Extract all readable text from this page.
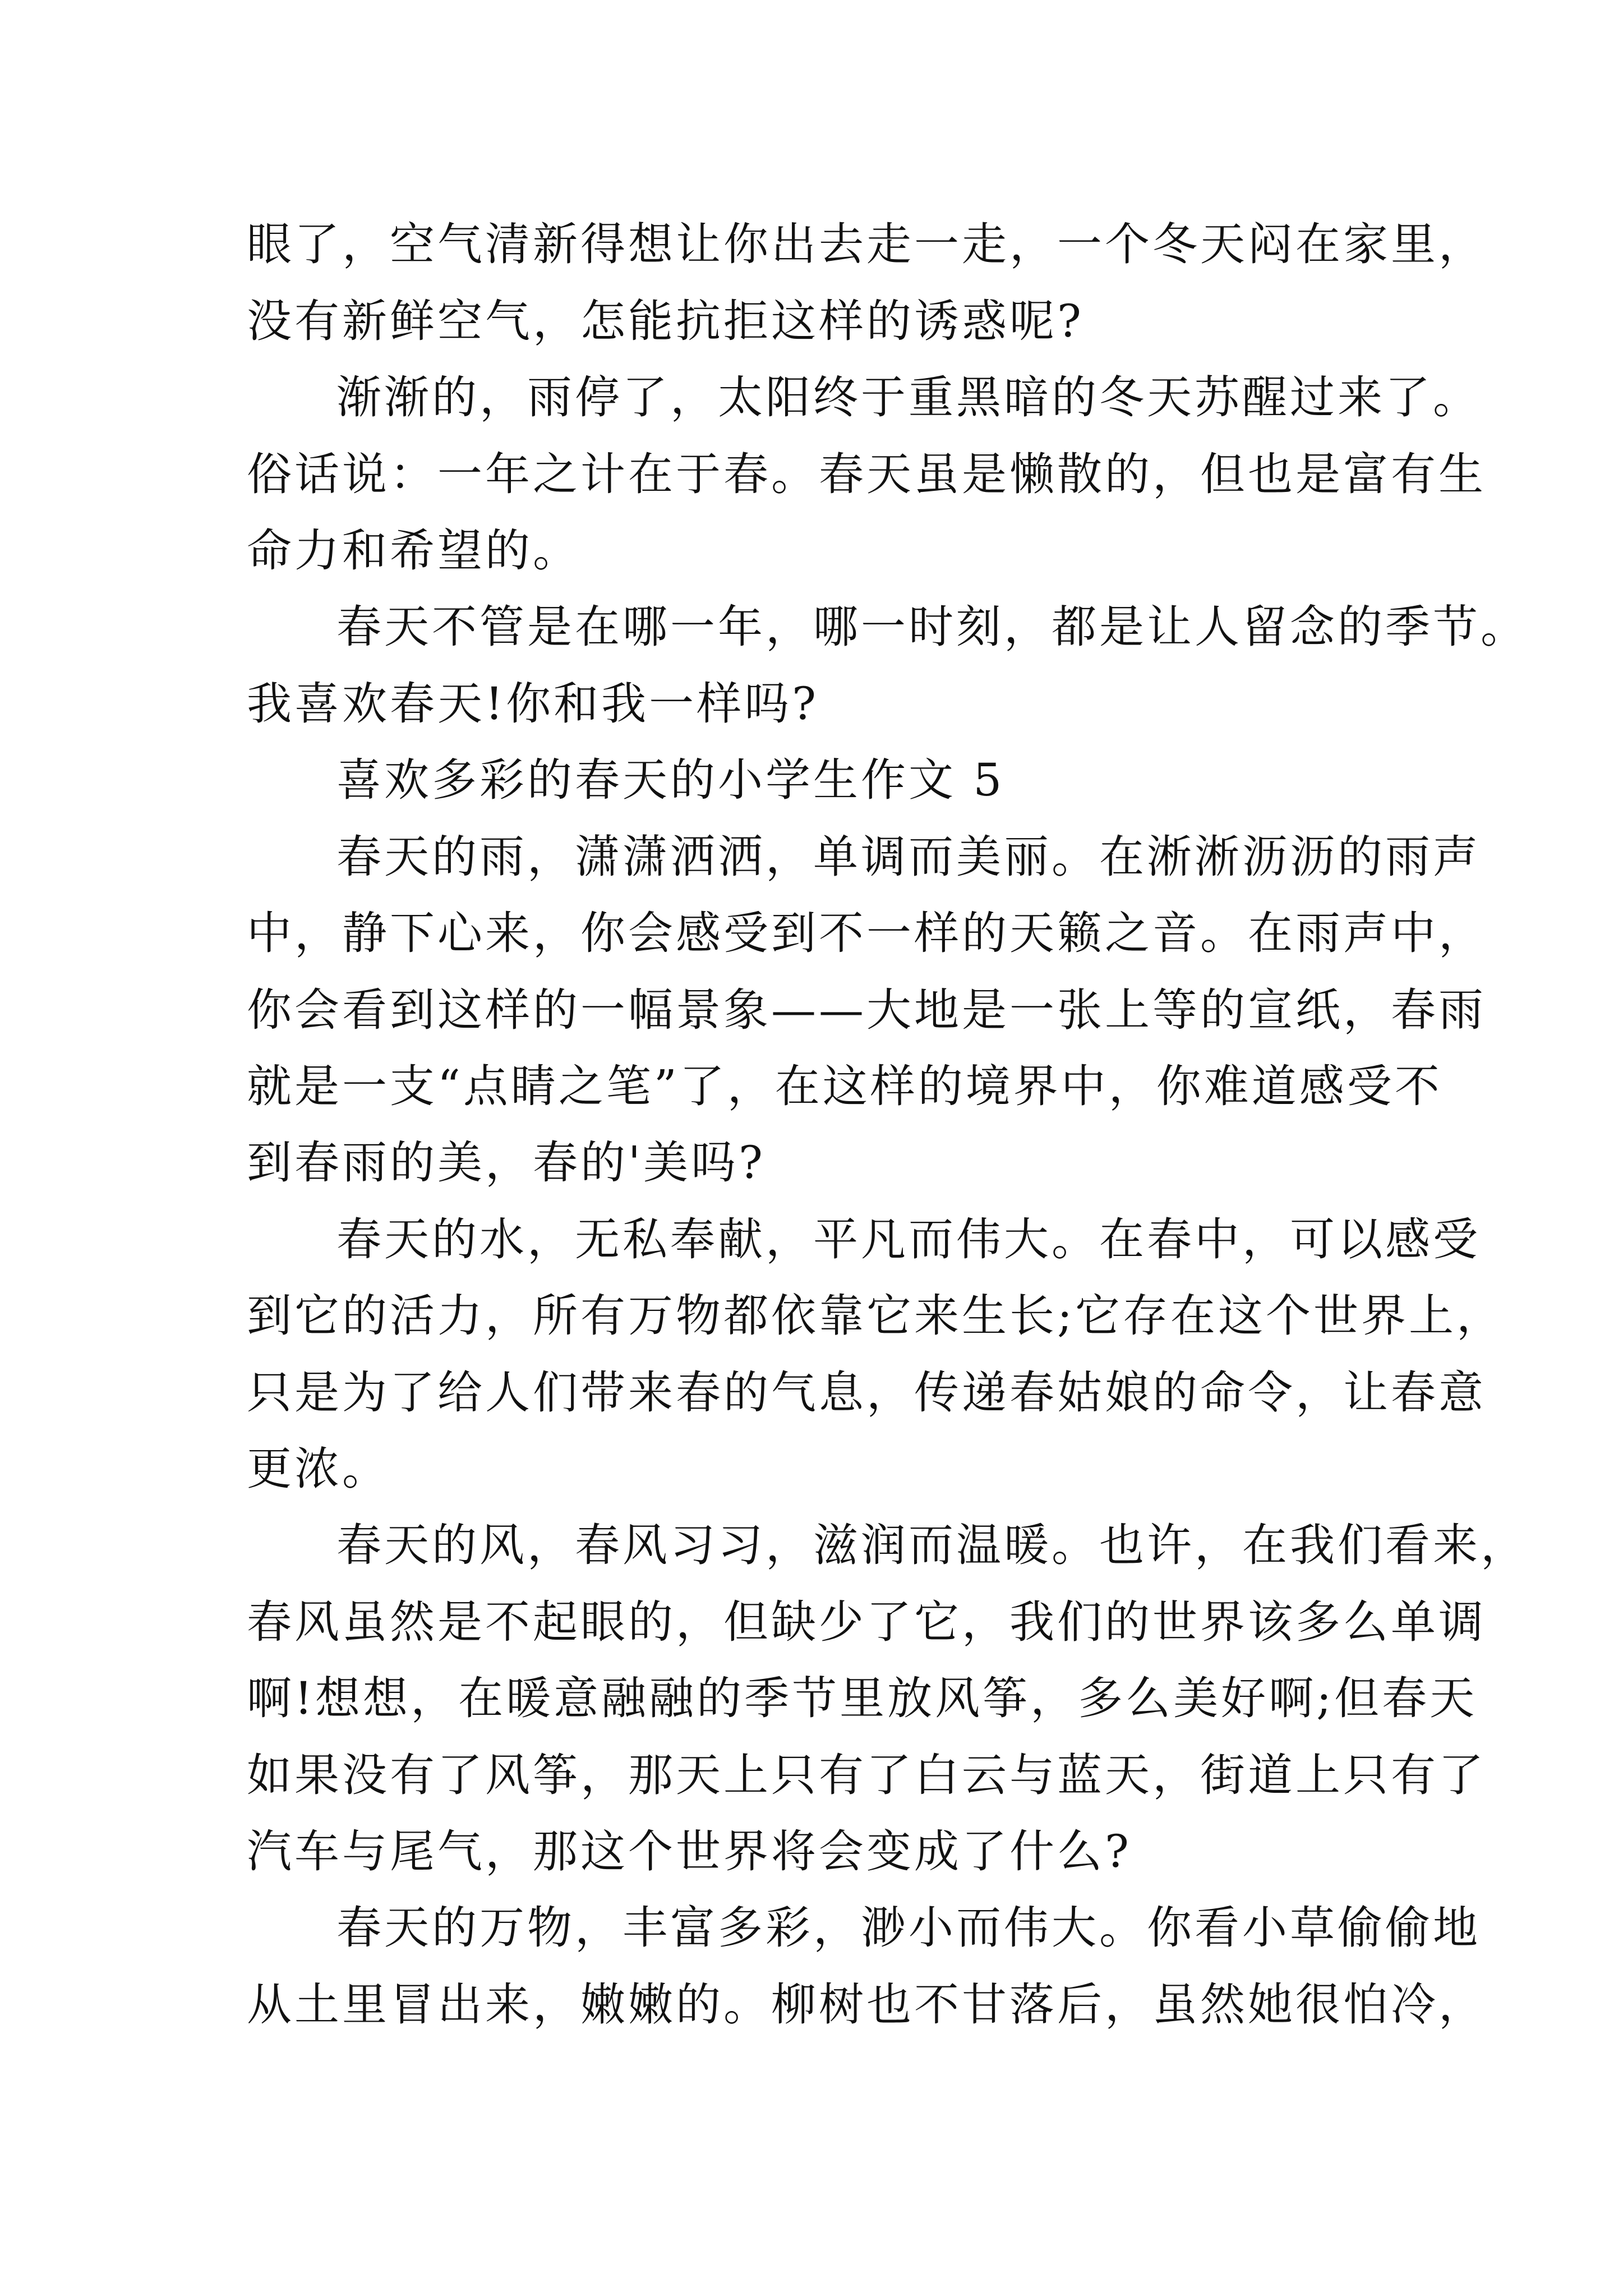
眼了，空气清新得想让你出去走一走，一个冬天闷在家里，
没有新鲜空气，怎能抗拒这样的诱惑呢?
渐渐的，雨停了，太阳终于重黑暗的冬天苏醒过来了。
俗话说：一年之计在于春。春天虽是懒散的，但也是富有生
命力和希望的。
春天不管是在哪一年，哪一时刻，都是让人留念的季节。
我喜欢春天!你和我一样吗?
喜欢多彩的春天的小学生作文 5
春天的雨，潇潇洒洒，单调而美丽。在淅淅沥沥的雨声
中，静下心来，你会感受到不一样的天籁之音。在雨声中，
你会看到这样的一幅景象——大地是一张上等的宣纸，春雨
就是一支“点睛之笔”了，在这样的境界中，你难道感受不
到春雨的美，春的'美吗?
春天的水，无私奉献，平凡而伟大。在春中，可以感受
到它的活力，所有万物都依靠它来生长;它存在这个世界上，
只是为了给人们带来春的气息，传递春姑娘的命令，让春意
更浓。
春天的风，春风习习，滋润而温暖。也许，在我们看来，
春风虽然是不起眼的，但缺少了它，我们的世界该多么单调
啊!想想，在暖意融融的季节里放风筝，多么美好啊;但春天
如果没有了风筝，那天上只有了白云与蓝天，街道上只有了
汽车与尾气，那这个世界将会变成了什么?
春天的万物，丰富多彩，渺小而伟大。你看小草偷偷地
从土里冒出来，嫩嫩的。柳树也不甘落后，虽然她很怕冷，
